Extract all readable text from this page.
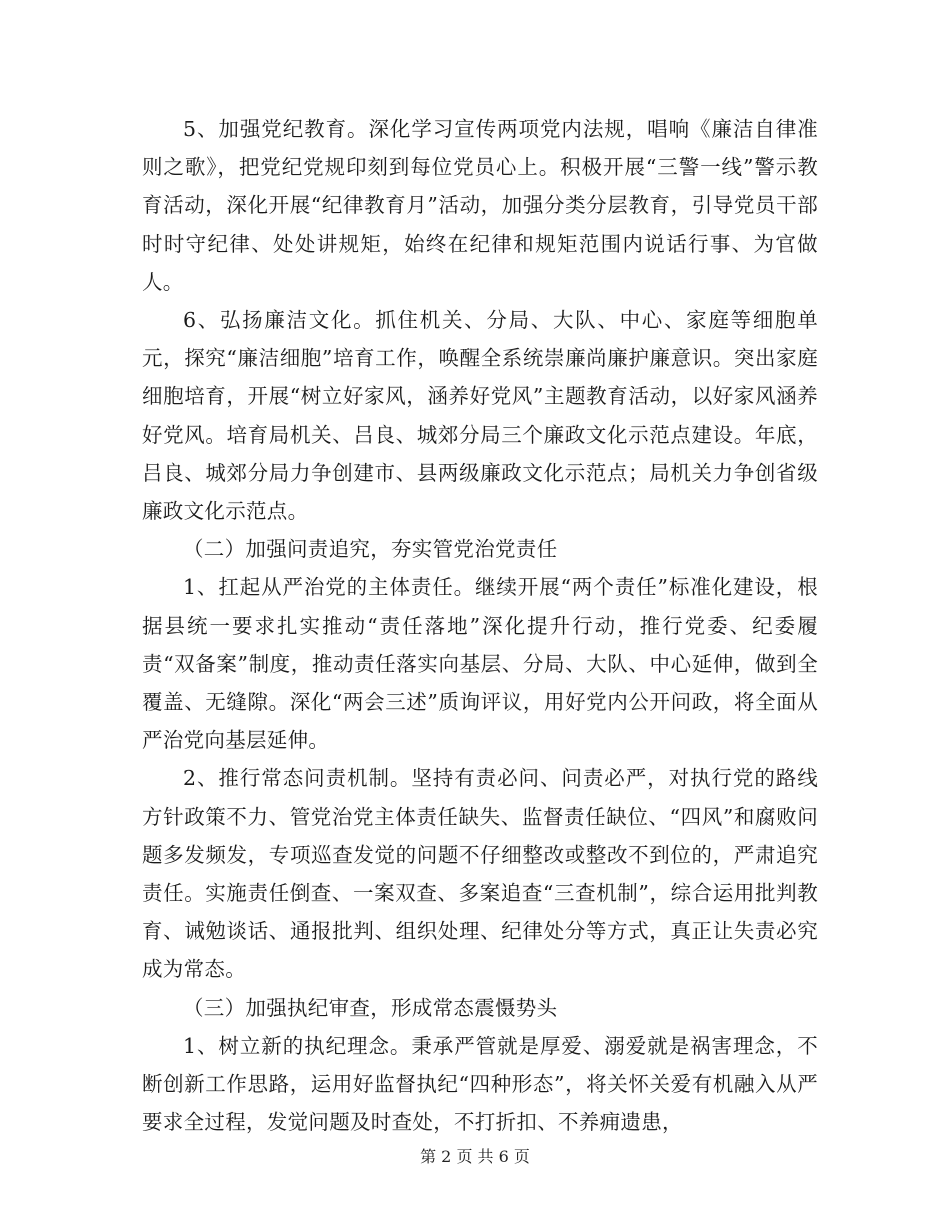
5、加强党纪教育。深化学习宣传两项党内法规，唱响《廉洁自律准则之歌》，把党纪党规印刻到每位党员心上。积极开展“三警一线”警示教育活动，深化开展“纪律教育月”活动，加强分类分层教育，引导党员干部时时守纪律、处处讲规矩，始终在纪律和规矩范围内说话行事、为官做人。

6、弘扬廉洁文化。抓住机关、分局、大队、中心、家庭等细胞单元，探究“廉洁细胞”培育工作，唤醒全系统崇廉尚廉护廉意识。突出家庭细胞培育，开展“树立好家风，涵养好党风”主题教育活动，以好家风涵养好党风。培育局机关、吕良、城郊分局三个廉政文化示范点建设。年底，吕良、城郊分局力争创建市、县两级廉政文化示范点；局机关力争创省级廉政文化示范点。

（二）加强问责追究，夯实管党治党责任

1、扛起从严治党的主体责任。继续开展“两个责任”标准化建设，根据县统一要求扎实推动“责任落地”深化提升行动，推行党委、纪委履责“双备案”制度，推动责任落实向基层、分局、大队、中心延伸，做到全覆盖、无缝隙。深化“两会三述”质询评议，用好党内公开问政，将全面从严治党向基层延伸。

2、推行常态问责机制。坚持有责必问、问责必严，对执行党的路线方针政策不力、管党治党主体责任缺失、监督责任缺位、“四风”和腐败问题多发频发，专项巡查发觉的问题不仔细整改或整改不到位的，严肃追究责任。实施责任倒查、一案双查、多案追查“三查机制”，综合运用批判教育、诫勉谈话、通报批判、组织处理、纪律处分等方式，真正让失责必究成为常态。

（三）加强执纪审查，形成常态震慑势头

1、树立新的执纪理念。秉承严管就是厚爱、溺爱就是祸害理念，不断创新工作思路，运用好监督执纪“四种形态”，将关怀关爱有机融入从严要求全过程，发觉问题及时查处，不打折扣、不养痈遗患，

第 2 页 共 6 页
